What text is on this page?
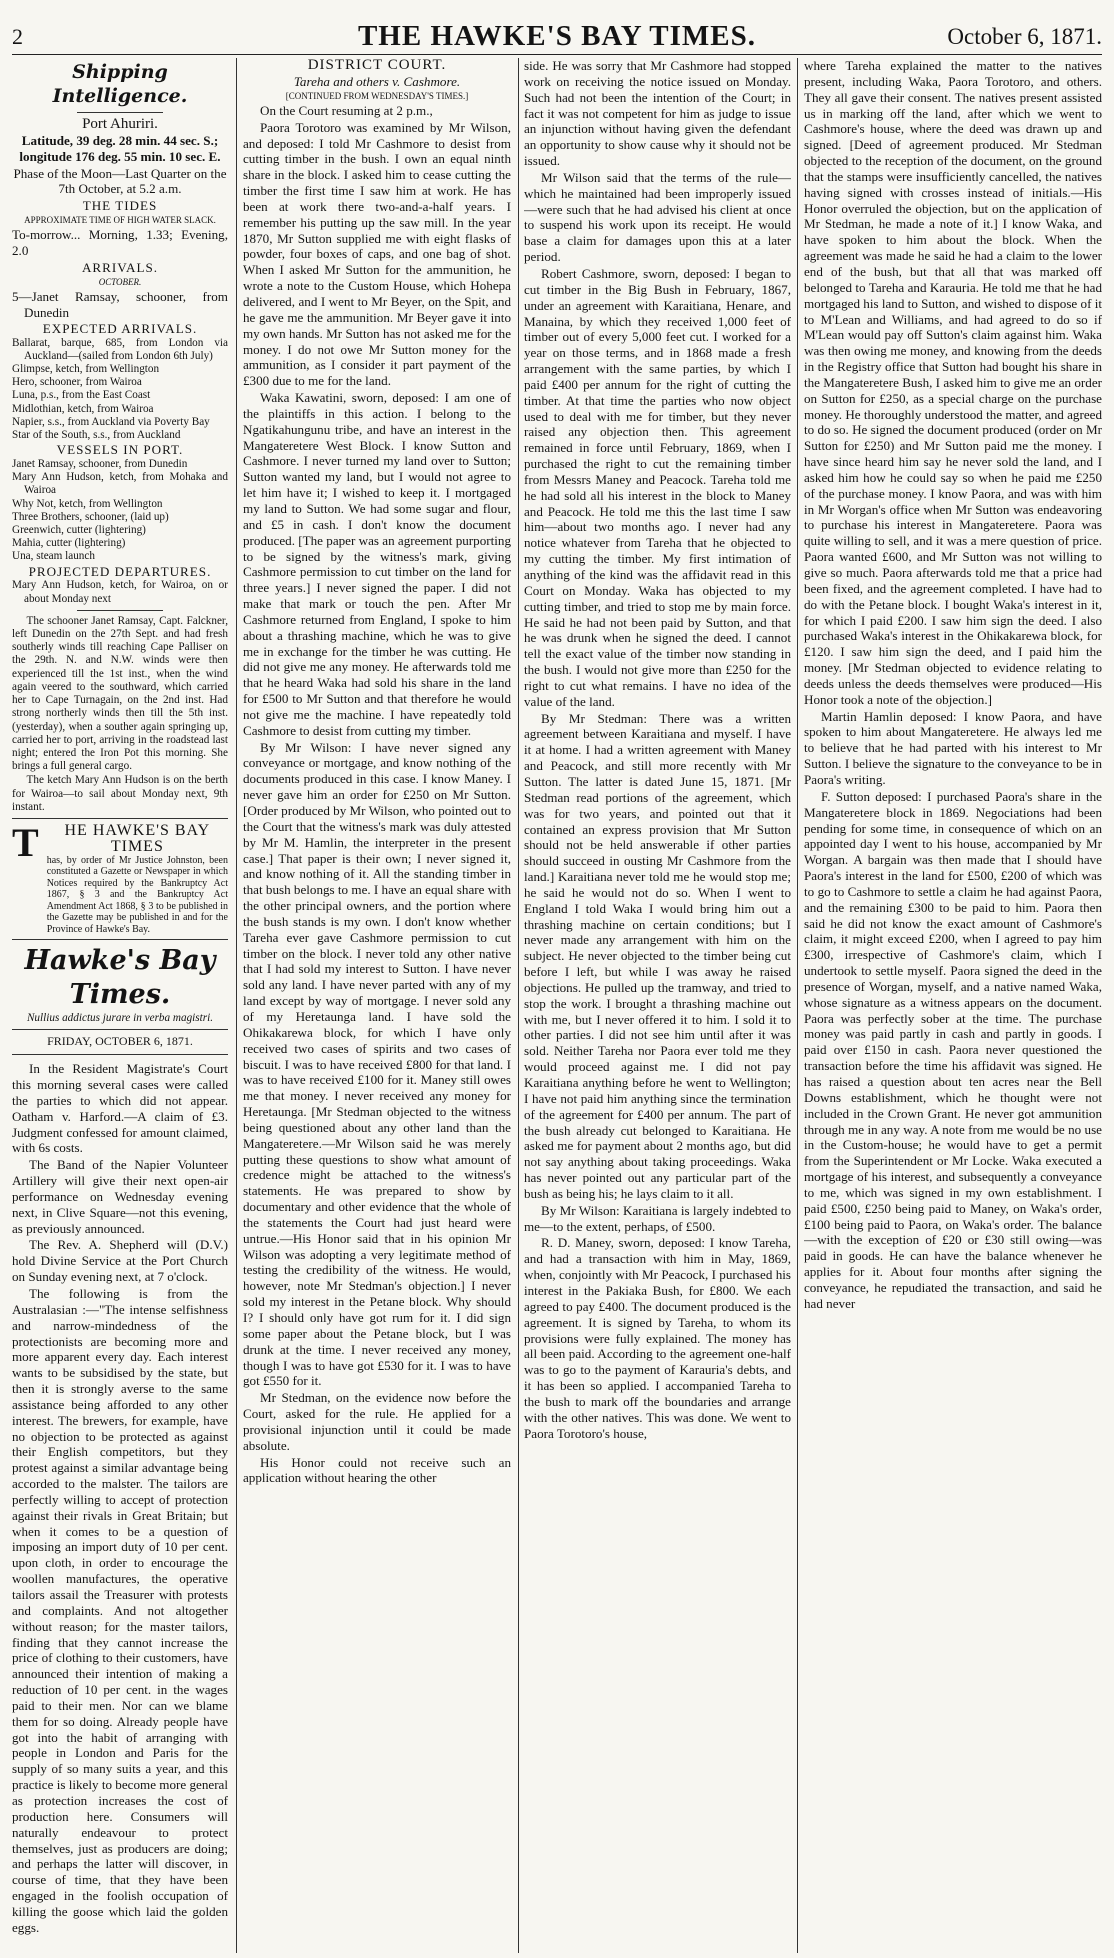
2	THE HAWKE'S BAY TIMES.	October 6, 1871.
Shipping Intelligence.
Port Ahuriri.

Latitude, 39 deg. 28 min. 44 sec. S.; longitude 176 deg. 55 min. 10 sec. E.

Phase of the Moon—Last Quarter on the 7th October, at 5.2 a.m.

THE TIDES
APPROXIMATE TIME OF HIGH WATER SLACK.

To-morrow... Morning, 1.33; Evening, 2.0

ARRIVALS.
OCTOBER.
5—Janet Ramsay, schooner, from Dunedin
EXPECTED ARRIVALS.
Ballarat, barque, 685, from London via Auckland—(sailed from London 6th July)
Glimpse, ketch, from Wellington
Hero, schooner, from Wairoa
Luna, p.s., from the East Coast
Midlothian, ketch, from Wairoa
Napier, s.s., from Auckland via Poverty Bay
Star of the South, s.s., from Auckland
VESSELS IN PORT.
Janet Ramsay, schooner, from Dunedin
Mary Ann Hudson, ketch, from Mohaka and Wairoa
Why Not, ketch, from Wellington
Three Brothers, schooner, (laid up)
Greenwich, cutter (lightering)
Mahia, cutter (lightering)
Una, steam launch
PROJECTED DEPARTURES.
Mary Ann Hudson, ketch, for Wairoa, on or about Monday next

The schooner Janet Ramsay, Capt. Falckner, left Dunedin on the 27th Sept. and had fresh southerly winds till reaching Cape Palliser on the 29th. N. and N.W. winds were then experienced till the 1st inst., when the wind again veered to the southward, which carried her to Cape Turnagain, on the 2nd inst. Had strong northerly winds then till the 5th inst. (yesterday), when a souther again springing up, carried her to port, arriving in the roadstead last night; entered the Iron Pot this morning. She brings a full general cargo.

The ketch Mary Ann Hudson is on the berth for Wairoa—to sail about Monday next, 9th instant.

T	HE HAWKE'S BAY TIMES
has, by order of Mr Justice Johnston, been constituted a Gazette or Newspaper in which Notices required by the Bankruptcy Act 1867, § 3 and the Bankruptcy Act Amendment Act 1868, § 3 to be published in the Gazette may be published in and for the Province of Hawke's Bay.
Hawke's Bay Times.
Nullius addictus jurare in verba magistri.
FRIDAY, OCTOBER 6, 1871.

In the Resident Magistrate's Court this morning several cases were called the parties to which did not appear. Oatham v. Harford.—A claim of £3. Judgment confessed for amount claimed, with 6s costs.

The Band of the Napier Volunteer Artillery will give their next open-air performance on Wednesday evening next, in Clive Square—not this evening, as previously announced.

The Rev. A. Shepherd will (D.V.) hold Divine Service at the Port Church on Sunday evening next, at 7 o'clock.

The following is from the Australasian :—"The intense selfishness and narrow-mindedness of the protectionists are becoming more and more apparent every day. Each interest wants to be subsidised by the state, but then it is strongly averse to the same assistance being afforded to any other interest. The brewers, for example, have no objection to be protected as against their English competitors, but they protest against a similar advantage being accorded to the malster. The tailors are perfectly willing to accept of protection against their rivals in Great Britain; but when it comes to be a question of imposing an import duty of 10 per cent. upon cloth, in order to encourage the woollen manufactures, the operative tailors assail the Treasurer with protests and complaints. And not altogether without reason; for the master tailors, finding that they cannot increase the price of clothing to their customers, have announced their intention of making a reduction of 10 per cent. in the wages paid to their men. Nor can we blame them for so doing. Already people have got into the habit of arranging with people in London and Paris for the supply of so many suits a year, and this practice is likely to become more general as protection increases the cost of production here. Consumers will naturally endeavour to protect themselves, just as producers are doing; and perhaps the latter will discover, in course of time, that they have been engaged in the foolish occupation of killing the goose which laid the golden eggs.

DISTRICT COURT.
Tareha and others v. Cashmore.
[CONTINUED FROM WEDNESDAY'S TIMES.]

On the Court resuming at 2 p.m.,

Paora Torotoro was examined by Mr Wilson, and deposed: I told Mr Cashmore to desist from cutting timber in the bush. I own an equal ninth share in the block. I asked him to cease cutting the timber the first time I saw him at work. He has been at work there two-and-a-half years. I remember his putting up the saw mill. In the year 1870, Mr Sutton supplied me with eight flasks of powder, four boxes of caps, and one bag of shot. When I asked Mr Sutton for the ammunition, he wrote a note to the Custom House, which Hohepa delivered, and I went to Mr Beyer, on the Spit, and he gave me the ammunition. Mr Beyer gave it into my own hands. Mr Sutton has not asked me for the money. I do not owe Mr Sutton money for the ammunition, as I consider it part payment of the £300 due to me for the land.

Waka Kawatini, sworn, deposed: I am one of the plaintiffs in this action. I belong to the Ngatikahungunu tribe, and have an interest in the Mangateretere West Block. I know Sutton and Cashmore. I never turned my land over to Sutton; Sutton wanted my land, but I would not agree to let him have it; I wished to keep it. I mortgaged my land to Sutton. We had some sugar and flour, and £5 in cash. I don't know the document produced. [The paper was an agreement purporting to be signed by the witness's mark, giving Cashmore permission to cut timber on the land for three years.] I never signed the paper. I did not make that mark or touch the pen. After Mr Cashmore returned from England, I spoke to him about a thrashing machine, which he was to give me in exchange for the timber he was cutting. He did not give me any money. He afterwards told me that he heard Waka had sold his share in the land for £500 to Mr Sutton and that therefore he would not give me the machine. I have repeatedly told Cashmore to desist from cutting my timber.

By Mr Wilson: I have never signed any conveyance or mortgage, and know nothing of the documents produced in this case. I know Maney. I never gave him an order for £250 on Mr Sutton. [Order produced by Mr Wilson, who pointed out to the Court that the witness's mark was duly attested by Mr M. Hamlin, the interpreter in the present case.] That paper is their own; I never signed it, and know nothing of it. All the standing timber in that bush belongs to me. I have an equal share with the other principal owners, and the portion where the bush stands is my own. I don't know whether Tareha ever gave Cashmore permission to cut timber on the block. I never told any other native that I had sold my interest to Sutton. I have never sold any land. I have never parted with any of my land except by way of mortgage. I never sold any of my Heretaunga land. I have sold the Ohikakarewa block, for which I have only received two cases of spirits and two cases of biscuit. I was to have received £800 for that land. I was to have received £100 for it. Maney still owes me that money. I never received any money for Heretaunga. [Mr Stedman objected to the witness being questioned about any other land than the Mangateretere.—Mr Wilson said he was merely putting these questions to show what amount of credence might be attached to the witness's statements. He was prepared to show by documentary and other evidence that the whole of the statements the Court had just heard were untrue.—His Honor said that in his opinion Mr Wilson was adopting a very legitimate method of testing the credibility of the witness. He would, however, note Mr Stedman's objection.] I never sold my interest in the Petane block. Why should I? I should only have got rum for it. I did sign some paper about the Petane block, but I was drunk at the time. I never received any money, though I was to have got £530 for it. I was to have got £550 for it.

Mr Stedman, on the evidence now before the Court, asked for the rule. He applied for a provisional injunction until it could be made absolute.

His Honor could not receive such an application without hearing the other

side. He was sorry that Mr Cashmore had stopped work on receiving the notice issued on Monday. Such had not been the intention of the Court; in fact it was not competent for him as judge to issue an injunction without having given the defendant an opportunity to show cause why it should not be issued.

Mr Wilson said that the terms of the rule—which he maintained had been improperly issued—were such that he had advised his client at once to suspend his work upon its receipt. He would base a claim for damages upon this at a later period.

Robert Cashmore, sworn, deposed: I began to cut timber in the Big Bush in February, 1867, under an agreement with Karaitiana, Henare, and Manaina, by which they received 1,000 feet of timber out of every 5,000 feet cut. I worked for a year on those terms, and in 1868 made a fresh arrangement with the same parties, by which I paid £400 per annum for the right of cutting the timber. At that time the parties who now object used to deal with me for timber, but they never raised any objection then. This agreement remained in force until February, 1869, when I purchased the right to cut the remaining timber from Messrs Maney and Peacock. Tareha told me he had sold all his interest in the block to Maney and Peacock. He told me this the last time I saw him—about two months ago. I never had any notice whatever from Tareha that he objected to my cutting the timber. My first intimation of anything of the kind was the affidavit read in this Court on Monday. Waka has objected to my cutting timber, and tried to stop me by main force. He said he had not been paid by Sutton, and that he was drunk when he signed the deed. I cannot tell the exact value of the timber now standing in the bush. I would not give more than £250 for the right to cut what remains. I have no idea of the value of the land.

By Mr Stedman: There was a written agreement between Karaitiana and myself. I have it at home. I had a written agreement with Maney and Peacock, and still more recently with Mr Sutton. The latter is dated June 15, 1871. [Mr Stedman read portions of the agreement, which was for two years, and pointed out that it contained an express provision that Mr Sutton should not be held answerable if other parties should succeed in ousting Mr Cashmore from the land.] Karaitiana never told me he would stop me; he said he would not do so. When I went to England I told Waka I would bring him out a thrashing machine on certain conditions; but I never made any arrangement with him on the subject. He never objected to the timber being cut before I left, but while I was away he raised objections. He pulled up the tramway, and tried to stop the work. I brought a thrashing machine out with me, but I never offered it to him. I sold it to other parties. I did not see him until after it was sold. Neither Tareha nor Paora ever told me they would proceed against me. I did not pay Karaitiana anything before he went to Wellington; I have not paid him anything since the termination of the agreement for £400 per annum. The part of the bush already cut belonged to Karaitiana. He asked me for payment about 2 months ago, but did not say anything about taking proceedings. Waka has never pointed out any particular part of the bush as being his; he lays claim to it all.

By Mr Wilson: Karaitiana is largely indebted to me—to the extent, perhaps, of £500.

R. D. Maney, sworn, deposed: I know Tareha, and had a transaction with him in May, 1869, when, conjointly with Mr Peacock, I purchased his interest in the Pakiaka Bush, for £800. We each agreed to pay £400. The document produced is the agreement. It is signed by Tareha, to whom its provisions were fully explained. The money has all been paid. According to the agreement one-half was to go to the payment of Karauria's debts, and it has been so applied. I accompanied Tareha to the bush to mark off the boundaries and arrange with the other natives. This was done. We went to Paora Torotoro's house,

where Tareha explained the matter to the natives present, including Waka, Paora Torotoro, and others. They all gave their consent. The natives present assisted us in marking off the land, after which we went to Cashmore's house, where the deed was drawn up and signed. [Deed of agreement produced. Mr Stedman objected to the reception of the document, on the ground that the stamps were insufficiently cancelled, the natives having signed with crosses instead of initials.—His Honor overruled the objection, but on the application of Mr Stedman, he made a note of it.] I know Waka, and have spoken to him about the block. When the agreement was made he said he had a claim to the lower end of the bush, but that all that was marked off belonged to Tareha and Karauria. He told me that he had mortgaged his land to Sutton, and wished to dispose of it to M'Lean and Williams, and had agreed to do so if M'Lean would pay off Sutton's claim against him. Waka was then owing me money, and knowing from the deeds in the Registry office that Sutton had bought his share in the Mangateretere Bush, I asked him to give me an order on Sutton for £250, as a special charge on the purchase money. He thoroughly understood the matter, and agreed to do so. He signed the document produced (order on Mr Sutton for £250) and Mr Sutton paid me the money. I have since heard him say he never sold the land, and I asked him how he could say so when he paid me £250 of the purchase money. I know Paora, and was with him in Mr Worgan's office when Mr Sutton was endeavoring to purchase his interest in Mangateretere. Paora was quite willing to sell, and it was a mere question of price. Paora wanted £600, and Mr Sutton was not willing to give so much. Paora afterwards told me that a price had been fixed, and the agreement completed. I have had to do with the Petane block. I bought Waka's interest in it, for which I paid £200. I saw him sign the deed. I also purchased Waka's interest in the Ohikakarewa block, for £120. I saw him sign the deed, and I paid him the money. [Mr Stedman objected to evidence relating to deeds unless the deeds themselves were produced—His Honor took a note of the objection.]

Martin Hamlin deposed: I know Paora, and have spoken to him about Mangateretere. He always led me to believe that he had parted with his interest to Mr Sutton. I believe the signature to the conveyance to be in Paora's writing.

F. Sutton deposed: I purchased Paora's share in the Mangateretere block in 1869. Negociations had been pending for some time, in consequence of which on an appointed day I went to his house, accompanied by Mr Worgan. A bargain was then made that I should have Paora's interest in the land for £500, £200 of which was to go to Cashmore to settle a claim he had against Paora, and the remaining £300 to be paid to him. Paora then said he did not know the exact amount of Cashmore's claim, it might exceed £200, when I agreed to pay him £300, irrespective of Cashmore's claim, which I undertook to settle myself. Paora signed the deed in the presence of Worgan, myself, and a native named Waka, whose signature as a witness appears on the document. Paora was perfectly sober at the time. The purchase money was paid partly in cash and partly in goods. I paid over £150 in cash. Paora never questioned the transaction before the time his affidavit was signed. He has raised a question about ten acres near the Bell Downs establishment, which he thought were not included in the Crown Grant. He never got ammunition through me in any way. A note from me would be no use in the Custom-house; he would have to get a permit from the Superintendent or Mr Locke. Waka executed a mortgage of his interest, and subsequently a conveyance to me, which was signed in my own establishment. I paid £500, £250 being paid to Maney, on Waka's order, £100 being paid to Paora, on Waka's order. The balance—with the exception of £20 or £30 still owing—was paid in goods. He can have the balance whenever he applies for it. About four months after signing the conveyance, he repudiated the transaction, and said he had never
